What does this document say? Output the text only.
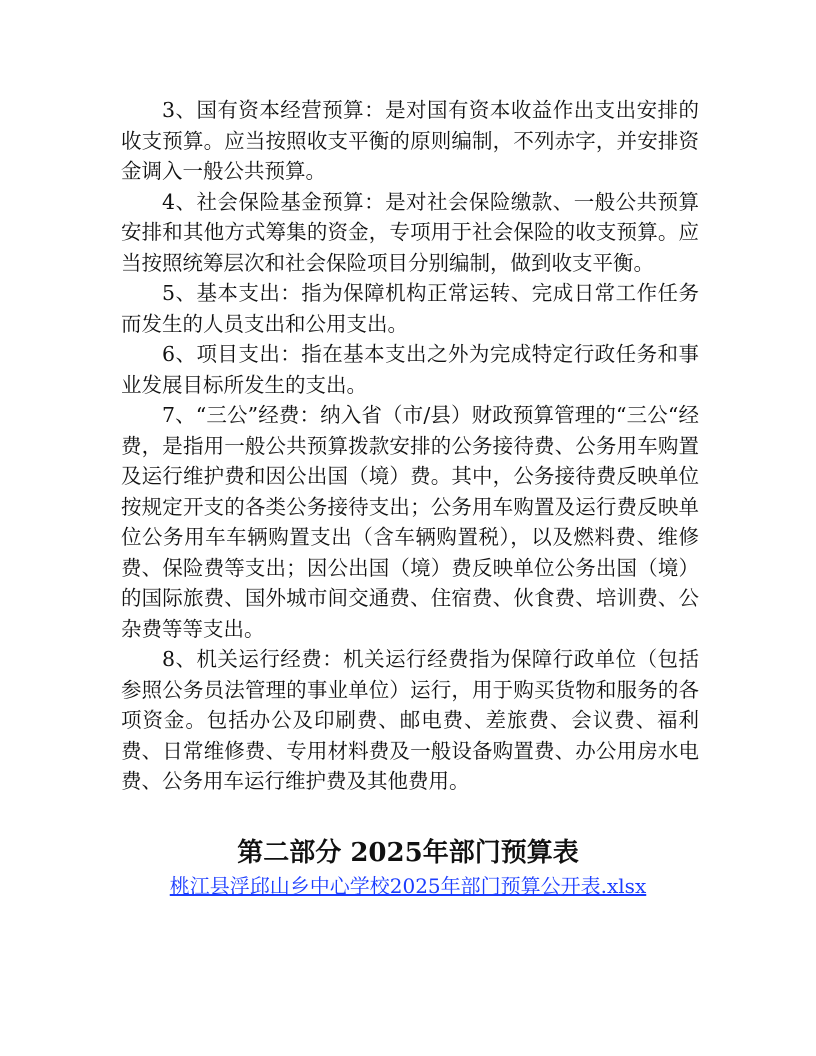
3、国有资本经营预算：是对国有资本收益作出支出安排的收支预算。应当按照收支平衡的原则编制，不列赤字，并安排资金调入一般公共预算。

4、社会保险基金预算：是对社会保险缴款、一般公共预算安排和其他方式筹集的资金，专项用于社会保险的收支预算。应当按照统筹层次和社会保险项目分别编制，做到收支平衡。

5、基本支出：指为保障机构正常运转、完成日常工作任务而发生的人员支出和公用支出。

6、项目支出：指在基本支出之外为完成特定行政任务和事业发展目标所发生的支出。

7、“三公”经费：纳入省（市/县）财政预算管理的“三公“经费，是指用一般公共预算拨款安排的公务接待费、公务用车购置及运行维护费和因公出国（境）费。其中，公务接待费反映单位按规定开支的各类公务接待支出；公务用车购置及运行费反映单位公务用车车辆购置支出（含车辆购置税），以及燃料费、维修费、保险费等支出；因公出国（境）费反映单位公务出国（境）的国际旅费、国外城市间交通费、住宿费、伙食费、培训费、公杂费等等支出。

8、机关运行经费：机关运行经费指为保障行政单位（包括参照公务员法管理的事业单位）运行，用于购买货物和服务的各项资金。包括办公及印刷费、邮电费、差旅费、会议费、福利费、日常维修费、专用材料费及一般设备购置费、办公用房水电费、公务用车运行维护费及其他费用。

第二部分 2025年部门预算表
桃江县浮邱山乡中心学校2025年部门预算公开表.xlsx
